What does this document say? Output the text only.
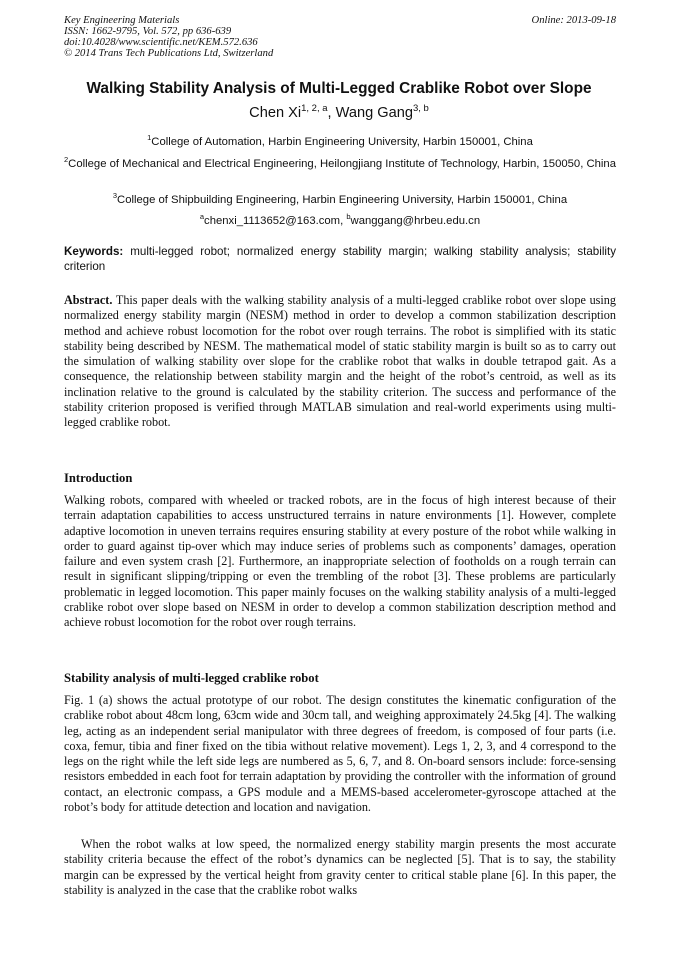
Key Engineering Materials
ISSN: 1662-9795, Vol. 572, pp 636-639
doi:10.4028/www.scientific.net/KEM.572.636
© 2014 Trans Tech Publications Ltd, Switzerland
Online: 2013-09-18
Walking Stability Analysis of Multi-Legged Crablike Robot over Slope
Chen Xi$^{1, 2, a}$, Wang Gang$^{3, b}$
$^1$College of Automation, Harbin Engineering University, Harbin 150001, China
$^2$College of Mechanical and Electrical Engineering, Heilongjiang Institute of Technology, Harbin, 150050, China
$^3$College of Shipbuilding Engineering, Harbin Engineering University, Harbin 150001, China
$^a$chenxi_1113652@163.com, $^b$wanggang@hrbeu.edu.cn
Keywords: multi-legged robot; normalized energy stability margin; walking stability analysis; stability criterion
Abstract. This paper deals with the walking stability analysis of a multi-legged crablike robot over slope using normalized energy stability margin (NESM) method in order to develop a common stabilization description method and achieve robust locomotion for the robot over rough terrains. The robot is simplified with its static stability being described by NESM. The mathematical model of static stability margin is built so as to carry out the simulation of walking stability over slope for the crablike robot that walks in double tetrapod gait. As a consequence, the relationship between stability margin and the height of the robot’s centroid, as well as its inclination relative to the ground is calculated by the stability criterion. The success and performance of the stability criterion proposed is verified through MATLAB simulation and real-world experiments using multi-legged crablike robot.
Introduction
Walking robots, compared with wheeled or tracked robots, are in the focus of high interest because of their terrain adaptation capabilities to access unstructured terrains in nature environments [1]. However, complete adaptive locomotion in uneven terrains requires ensuring stability at every posture of the robot while walking in order to guard against tip-over which may induce series of problems such as components’ damages, operation failure and even system crash [2]. Furthermore, an inappropriate selection of footholds on a rough terrain can result in significant slipping/tripping or even the trembling of the robot [3]. These problems are particularly problematic in legged locomotion. This paper mainly focuses on the walking stability analysis of a multi-legged crablike robot over slope based on NESM in order to develop a common stabilization description method and achieve robust locomotion for the robot over rough terrains.
Stability analysis of multi-legged crablike robot
Fig. 1 (a) shows the actual prototype of our robot. The design constitutes the kinematic configuration of the crablike robot about 48cm long, 63cm wide and 30cm tall, and weighing approximately 24.5kg [4]. The walking leg, acting as an independent serial manipulator with three degrees of freedom, is composed of four parts (i.e. coxa, femur, tibia and finer fixed on the tibia without relative movement). Legs 1, 2, 3, and 4 correspond to the legs on the right while the left side legs are numbered as 5, 6, 7, and 8. On-board sensors include: force-sensing resistors embedded in each foot for terrain adaptation by providing the controller with the information of ground contact, an electronic compass, a GPS module and a MEMS-based accelerometer-gyroscope attached at the robot’s body for attitude detection and location and navigation.
When the robot walks at low speed, the normalized energy stability margin presents the most accurate stability criteria because the effect of the robot’s dynamics can be neglected [5]. That is to say, the stability margin can be expressed by the vertical height from gravity center to critical stable plane [6]. In this paper, the stability is analyzed in the case that the crablike robot walks
